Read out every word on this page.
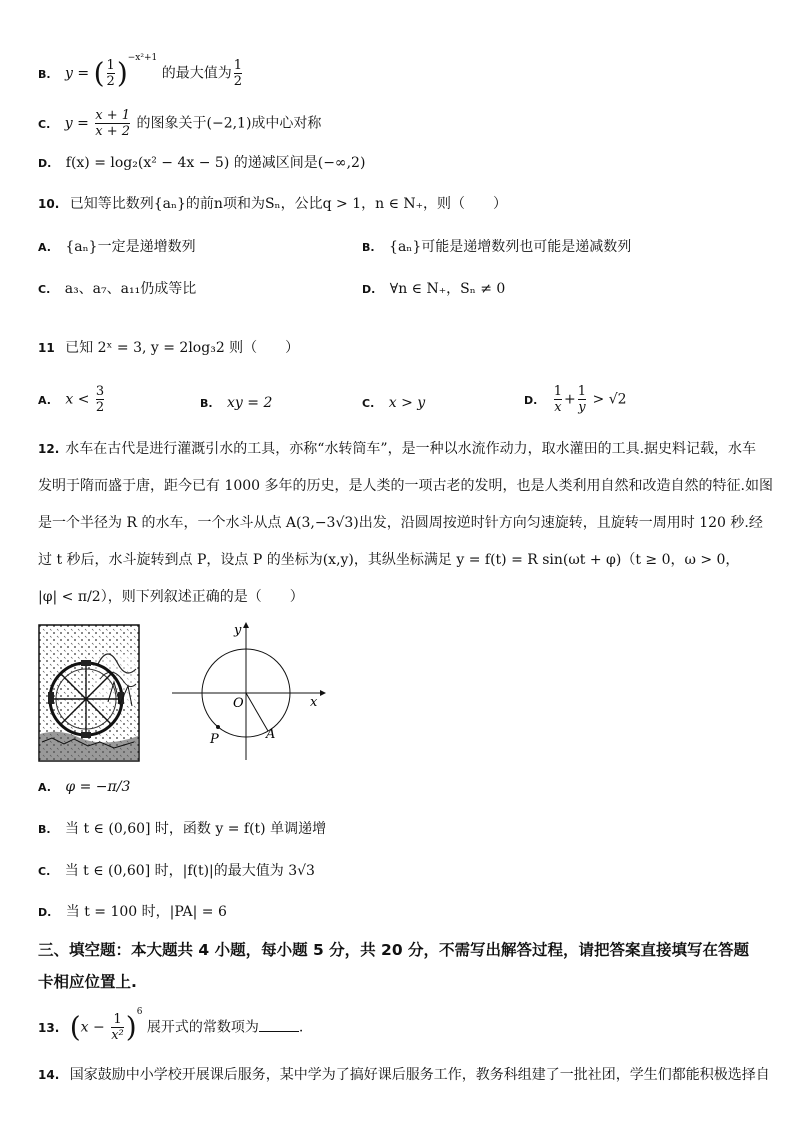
B. y = ( $\frac{1}{2} )^{-x^2+1}$ 的最大值为 $\frac{1}{2}$
C. $y = \frac{x + 1}{x + 2}$ 的图象关于(−2,1)成中心对称
D. f(x) = log₂(x² − 4x − 5) 的递减区间是(−∞,2)
10. 已知等比数列{aₙ}的前n项和为Sₙ，公比q > 1，n ∈ N₊，则（　　）
A. {aₙ}一定是递增数列	B. {aₙ}可能是递增数列也可能是递减数列
C. a₃、a₇、a₁₁仍成等比	D. ∀n ∈ N₊，Sₙ ≠ 0
11 已知 2ˣ = 3, y = 2log₃2 则（　　）
A. $x < \frac{3}{2}$	B. xy = 2	C. x > y	D. $\frac{1}{x} + \frac{1}{y} > √2$
12. 水车在古代是进行灌溉引水的工具，亦称“水转筒车”，是一种以水流作动力，取水灌田的工具.据史料记载，水车
发明于隋而盛于唐，距今已有 1000 多年的历史，是人类的一项古老的发明，也是人类利用自然和改造自然的特征.如图
是一个半径为 R 的水车，一个水斗从点 A(3,−3√3)出发，沿圆周按逆时针方向匀速旋转，且旋转一周用时 120 秒.经
过 t 秒后，水斗旋转到点 P，设点 P 的坐标为(x,y)，其纵坐标满足 y = f(t) = R sin(ωt + φ)（t ≥ 0，ω > 0，
|φ| < π/2），则下列叙述正确的是（　　）
y
x
O
P	A
A. φ = −π/3
B. 当 t ∈ (0,60] 时，函数 y = f(t) 单调递增
C. 当 t ∈ (0,60] 时，|f(t)|的最大值为 3√3
D. 当 t = 100 时，|PA| = 6
三、填空题：本大题共 4 小题，每小题 5 分，共 20 分，不需写出解答过程，请把答案直接填写在答题
卡相应位置上.
13. $(x - \frac{1}{\text{x²}} )^6$ 展开式的常数项为	.
14. 国家鼓励中小学校开展课后服务，某中学为了搞好课后服务工作，教务科组建了一批社团，学生们都能积极选择自
